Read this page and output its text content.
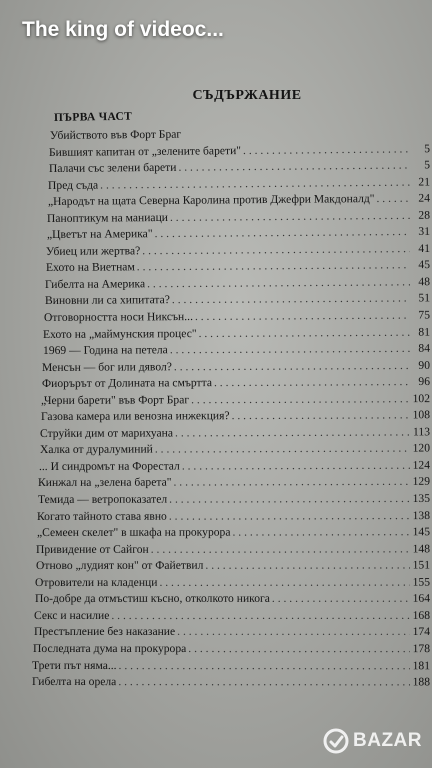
The king of videoc...
СЪДЪРЖАНИЕ
ПЪРВА ЧАСТ
Убийството във Форт Браг
Бившият капитан от „зелените барети" . . .	5
Палачи със зелени барети . . .	5
Пред съда . . .	21
„Народът на щата Северна Каролина против Джефри Макдоналд" . . .	24
Паноптикум на маниаци . . .	28
„Цветът на Америка" . . .	31
Убиец или жертва? . . .	41
Ехото на Виетнам . . .	45
Гибелта на Америка . . .	48
Виновни ли са хипитата? . . .	51
Отговорността носи Никсън... . . .	75
Ехото на „маймунския процес" . . .	81
1969 — Година на петела . . .	84
Менсън — бог или дявол? . . .	90
Фиорърът от Долината на смъртта . . .	96
„Черни барети" във Форт Браг . . .	102
Газова камера или венозна инжекция? . . .	108
Струйки дим от марихуана . . .	113
Халка от дуралуминий . . .	120
... И синдромът на Форестал . . .	124
Кинжал на „зелена барета" . . .	129
Темида — ветропоказател . . .	135
Когато тайното става явно . . .	138
„Семеен скелет" в шкафа на прокурора . . .	145
Привидение от Сайгон . . .	148
Отново „лудият кон" от Файетвил . . .	151
Отровители на кладенци . . .	155
По-добре да отмъстиш късно, отколкото никога . . .	164
Секс и насилие . . .	168
Престъпление без наказание . . .	174
Последната дума на прокурора . . .	178
Трети път няма... . . .	181
Гибелта на орела . . .	188
BAZAR
